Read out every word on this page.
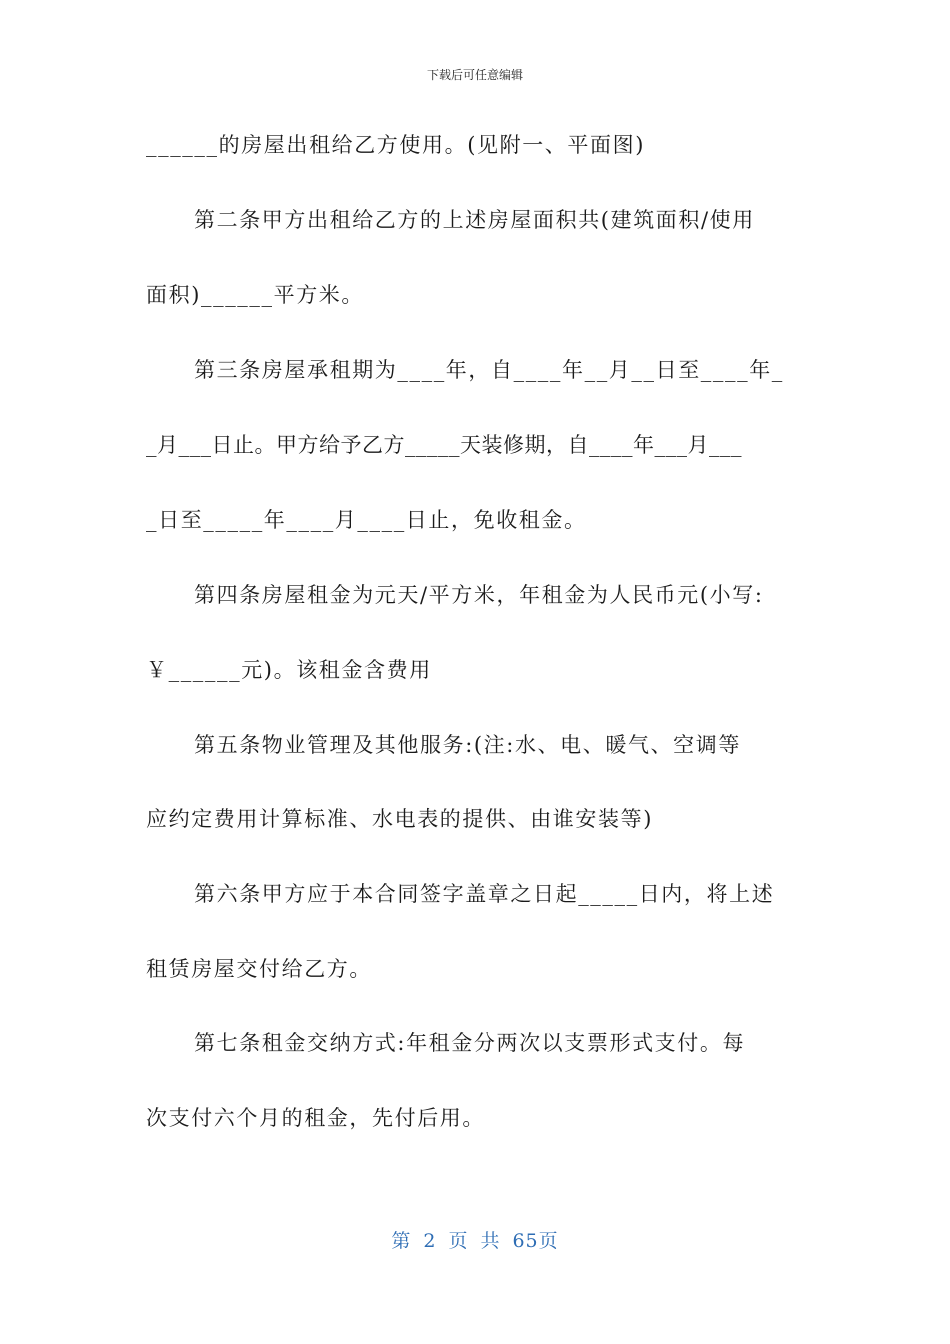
下载后可任意编辑
______的房屋出租给乙方使用。(见附一、平面图)
第二条甲方出租给乙方的上述房屋面积共(建筑面积/使用
面积)______平方米。
第三条房屋承租期为____年，自____年__月__日至____年_
_月___日止。甲方给予乙方_____天装修期，自____年___月___
_日至_____年____月____日止，免收租金。
第四条房屋租金为元天/平方米，年租金为人民币元(小写:
￥______元)。该租金含费用
第五条物业管理及其他服务:(注:水、电、暖气、空调等
应约定费用计算标准、水电表的提供、由谁安装等)
第六条甲方应于本合同签字盖章之日起_____日内，将上述
租赁房屋交付给乙方。
第七条租金交纳方式:年租金分两次以支票形式支付。每
次支付六个月的租金，先付后用。
第 2 页 共 65页
